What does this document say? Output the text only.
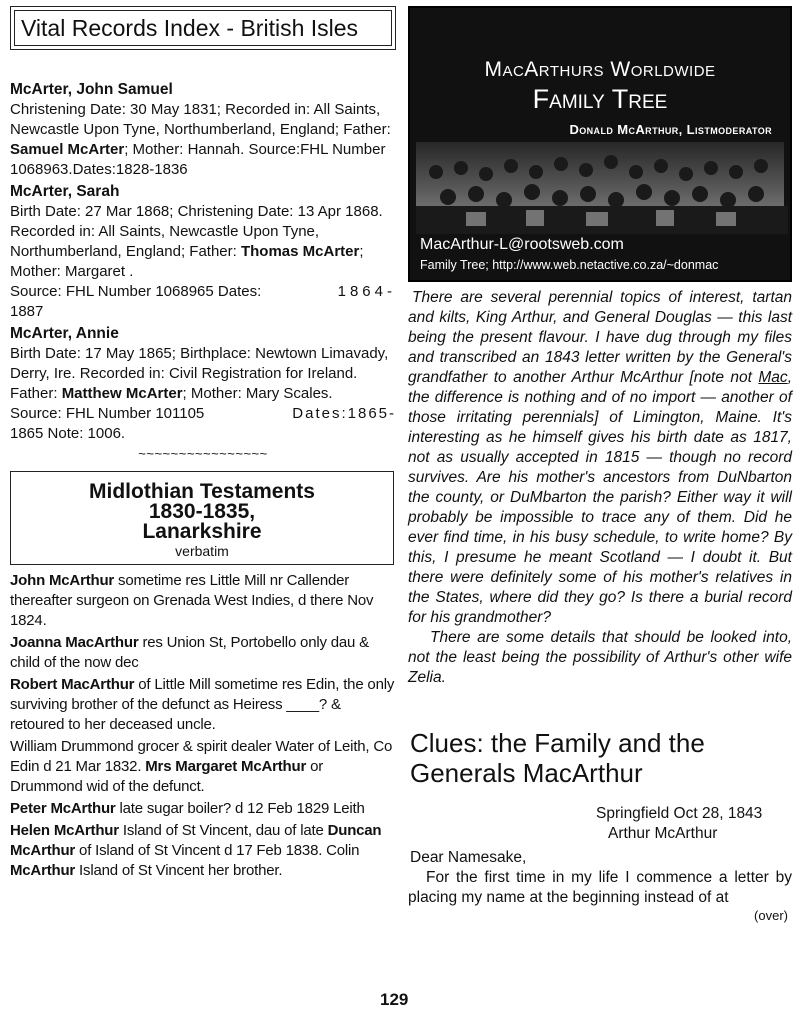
Vital Records Index - British Isles
McArter, John Samuel
Christening Date: 30 May 1831; Recorded in: All Saints, Newcastle Upon Tyne, Northumberland, England; Father: Samuel McArter; Mother: Hannah. Source:FHL Number 1068963.Dates:1828-1836
McArter, Sarah
Birth Date: 27 Mar 1868; Christening Date: 13 Apr 1868. Recorded in: All Saints, Newcastle Upon Tyne, Northumberland, England; Father: Thomas McArter; Mother: Margaret .
Source: FHL Number 1068965 Dates:	1864-
1887
McArter, Annie
Birth Date: 17 May 1865; Birthplace: Newtown Limavady, Derry, Ire. Recorded in: Civil Registration for Ireland. Father: Matthew McArter; Mother: Mary Scales.
Source: FHL Number 101105	Dates:1865-
1865 Note: 1006.
~~~~~~~~~~~~~~~~
Midlothian Testaments
1830-1835,
Lanarkshire
verbatim
John McArthur sometime res Little Mill nr Callender thereafter surgeon on Grenada West Indies, d there Nov 1824.
Joanna MacArthur res Union St, Portobello only dau & child of the now dec
Robert MacArthur of Little Mill sometime res Edin, the only surviving brother of the defunct as Heiress ____? & retoured to her deceased uncle.
William Drummond grocer & spirit dealer Water of Leith, Co Edin d 21 Mar 1832. Mrs Margaret McArthur or Drummond wid of the defunct.
Peter McArthur late sugar boiler? d 12 Feb 1829 Leith
Helen McArthur Island of St Vincent, dau of late Duncan McArthur of Island of St Vincent d 17 Feb 1838. Colin McArthur Island of St Vincent her brother.
MacArthurs Worldwide
Family Tree
Donald McArthur, Listmoderator
MacArthur-L@rootsweb.com
Family Tree; http://www.web.netactive.co.za/~donmac

There are several perennial topics of interest, tartan and kilts, King Arthur, and General Douglas — this last being the present flavour. I have dug through my files and transcribed an 1843 letter written by the General's grandfather to another Arthur McArthur [note not Mac, the difference is nothing and of no import — another of those irritating perennials] of Limington, Maine. It's interesting as he himself gives his birth date as 1817, not as usually accepted in 1815 — though no record survives. Are his mother's ancestors from DuNbarton the county, or DuMbarton the parish? Either way it will probably be impossible to trace any of them. Did he ever find time, in his busy schedule, to write home? By this, I presume he meant Scotland — I doubt it. But there were definitely some of his mother's relatives in the States, where did they go? Is there a burial record for his grandmother?

There are some details that should be looked into, not the least being the possibility of Arthur's other wife Zelia.

Clues: the Family and the
Generals MacArthur
Springfield Oct 28, 1843
Arthur McArthur
Dear Namesake,
For the first time in my life I commence a letter by placing my name at the beginning instead of at
(over)
129
